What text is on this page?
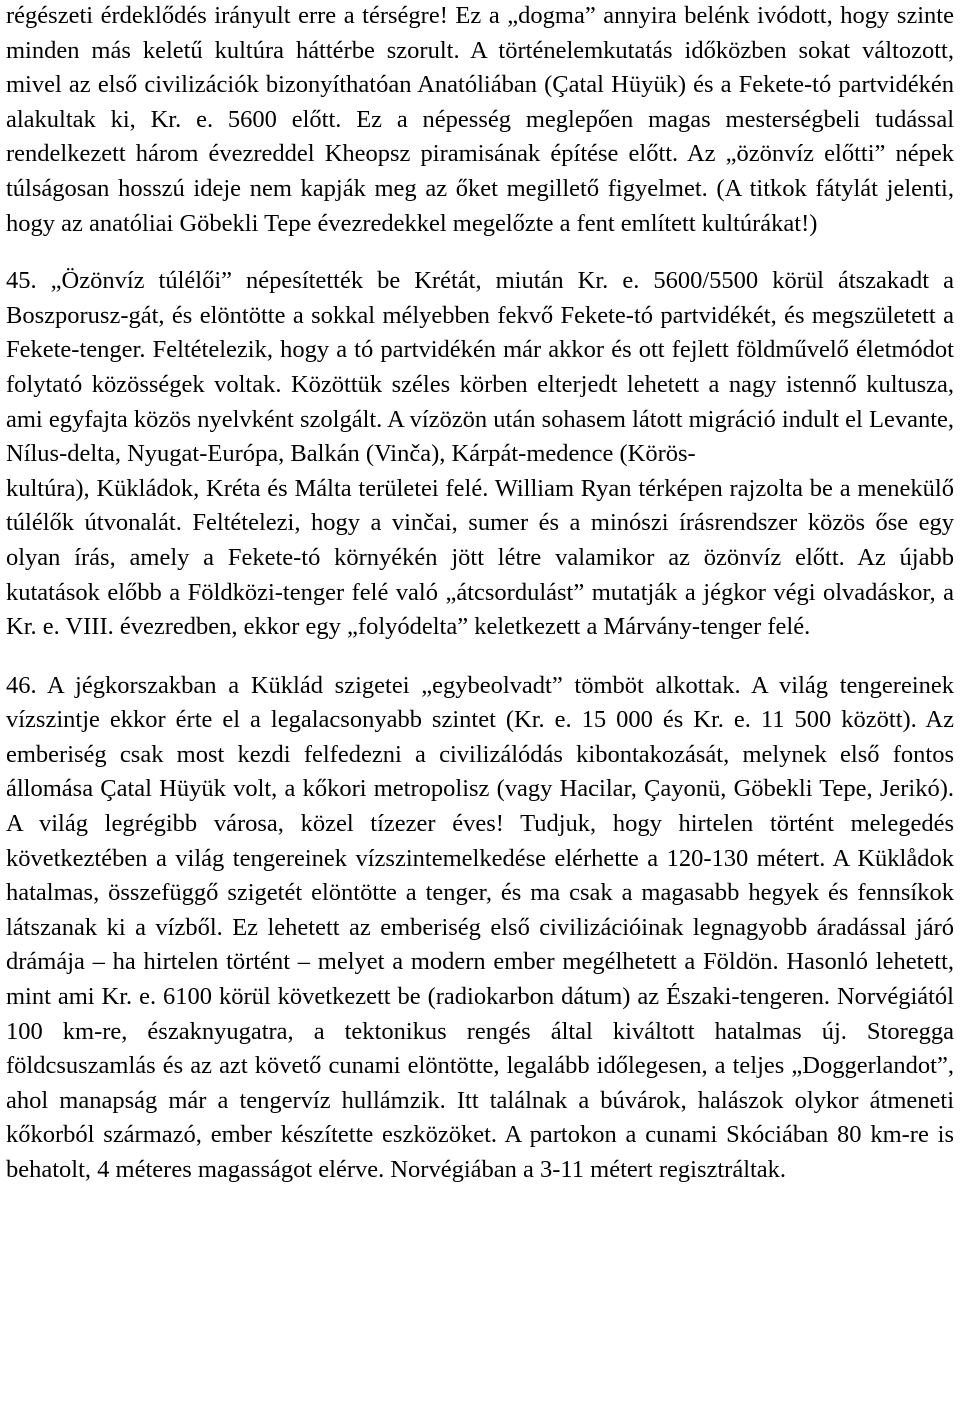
régészeti érdeklődés irányult erre a térségre! Ez a „dogma” annyira belénk ivódott, hogy szinte minden más keletű kultúra háttérbe szorult. A történelemkutatás időközben sokat változott, mivel az első civilizációk bizonyíthatóan Anatóliában (Çatal Hüyük) és a Fekete-tó partvidékén alakultak ki, Kr. e. 5600 előtt. Ez a népesség meglepően magas mesterségbeli tudással rendelkezett három évezreddel Kheopsz piramisának építése előtt. Az „özönvíz előtti” népek túlságosan hosszú ideje nem kapják meg az őket megillető figyelmet. (A titkok fátylát jelenti, hogy az anatóliai Göbekli Tepe évezredekkel megelőzte a fent említett kultúrákat!)

45. „Özönvíz túlélői” népesítették be Krétát, miután Kr. e. 5600/5500 körül átszakadt a Boszporusz-gát, és elöntötte a sokkal mélyebben fekvő Fekete-tó partvidékét, és megszületett a Fekete-tenger. Feltételezik, hogy a tó partvidékén már akkor és ott fejlett földművelő életmódot folytató közösségek voltak. Közöttük széles körben elterjedt lehetett a nagy istennő kultusza, ami egyfajta közös nyelvként szolgált. A vízözön után sohasem látott migráció indult el Levante, Nílus-delta, Nyugat-Európa, Balkán (Vinča), Kárpát-medence (Körös-
kultúra), Kükládok, Kréta és Málta területei felé. William Ryan térképen rajzolta be a menekülő túlélők útvonalát. Feltételezi, hogy a vinčai, sumer és a minószi írásrendszer közös őse egy olyan írás, amely a Fekete-tó környékén jött létre valamikor az özönvíz előtt. Az újabb kutatások előbb a Földközi-tenger felé való „átcsordulást” mutatják a jégkor végi olvadáskor, a Kr. e. VIII. évezredben, ekkor egy „folyódelta” keletkezett a Márvány-tenger felé.

46. A jégkorszakban a Küklád szigetei „egybeolvadt” tömböt alkottak. A világ tengereinek vízszintje ekkor érte el a legalacsonyabb szintet (Kr. e. 15 000 és Kr. e. 11 500 között). Az emberiség csak most kezdi felfedezni a civilizálódás kibontakozását, melynek első fontos állomása Çatal Hüyük volt, a kőkori metropolisz (vagy Hacilar, Çayonü, Göbekli Tepe, Jerikó). A világ legrégibb városa, közel tízezer éves! Tudjuk, hogy hirtelen történt melegedés következtében a világ tengereinek vízszintemelkedése elérhette a 120-130 métert. A Küklådok hatalmas, összefüggő szigetét elöntötte a tenger, és ma csak a magasabb hegyek és fennsíkok látszanak ki a vízből. Ez lehetett az emberiség első civilizációinak legnagyobb áradással járó drámája – ha hirtelen történt – melyet a modern ember megélhetett a Földön. Hasonló lehetett, mint ami Kr. e. 6100 körül következett be (radiokarbon dátum) az Északi-tengeren. Norvégiától 100 km-re, északnyugatra, a tektonikus rengés által kiváltott hatalmas új. Storegga földcsuszamlás és az azt követő cunami elöntötte, legalább időlegesen, a teljes „Doggerlandot”, ahol manapság már a tengervíz hullámzik. Itt találnak a búvárok, halászok olykor átmeneti kőkorból származó, ember készítette eszközöket. A partokon a cunami Skóciában 80 km-re is behatolt, 4 méteres magasságot elérve. Norvégiában a 3-11 métert regisztráltak.
